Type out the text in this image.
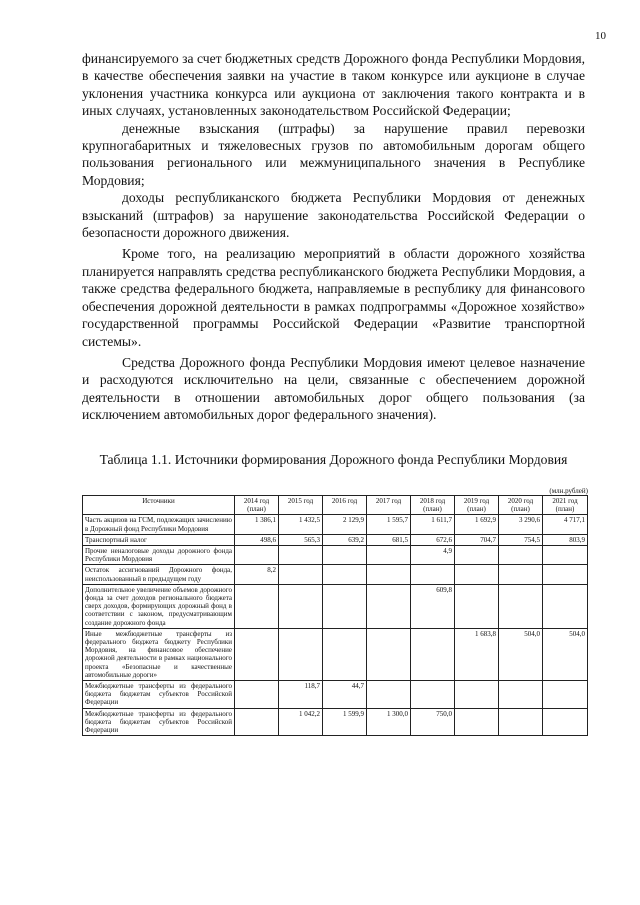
10

финансируемого за счет бюджетных средств Дорожного фонда Республики Мордовия, в качестве обеспечения заявки на участие в таком конкурсе или аукционе в случае уклонения участника конкурса или аукциона от заключения такого контракта и в иных случаях, установленных законодательством Российской Федерации;

денежные взыскания (штрафы) за нарушение правил перевозки крупногабаритных и тяжеловесных грузов по автомобильным дорогам общего пользования регионального или межмуниципального значения в Республике Мордовия;

доходы республиканского бюджета Республики Мордовия от денежных взысканий (штрафов) за нарушение законодательства Российской Федерации о безопасности дорожного движения.

Кроме того, на реализацию мероприятий в области дорожного хозяйства планируется направлять средства республиканского бюджета Республики Мордовия, а также средства федерального бюджета, направляемые в республику для финансового обеспечения дорожной деятельности в рамках подпрограммы «Дорожное хозяйство» государственной программы Российской Федерации «Развитие транспортной системы».

Средства Дорожного фонда Республики Мордовия имеют целевое назначение и расходуются исключительно на цели, связанные с обеспечением дорожной деятельности в отношении автомобильных дорог общего пользования (за исключением автомобильных дорог федерального значения).

Таблица 1.1. Источники формирования Дорожного фонда Республики Мордовия
(млн.рублей)
Источники	2014 год (план)	2015 год	2016 год	2017 год	2018 год (план)	2019 год (план)	2020 год (план)	2021 год (план)
Часть акцизов на ГСМ, подлежащих зачислению в Дорожный фонд Республики Мордовия	1 386,1	1 432,5	2 129,9	1 595,7	1 611,7	1 692,9	3 290,6	4 717,1
Транспортный налог	498,6	565,3	639,2	681,5	672,6	704,7	754,5	803,9
Прочие неналоговые доходы дорожного фонда Республики Мордовия					4,9			
Остаток ассигнований Дорожного фонда, неиспользованный в предыдущем году	8,2							
Дополнительное увеличение объемов дорожного фонда за счет доходов регионального бюджета сверх доходов, формирующих дорожный фонд в соответствии с законом, предусматривающим создание дорожного фонда					609,8			
Иные межбюджетные трансферты из федерального бюджета бюджету Республики Мордовия, на финансовое обеспечение дорожной деятельности в рамках национального проекта «Безопасные и качественные автомобильные дороги»						1 683,8	504,0	504,0
Межбюджетные трансферты из федерального бюджета бюджетам субъектов Российской Федерации		118,7	44,7					
Межбюджетные трансферты из федерального бюджета бюджетам субъектов Российской Федерации		1 042,2	1 599,9	1 300,0	750,0			
